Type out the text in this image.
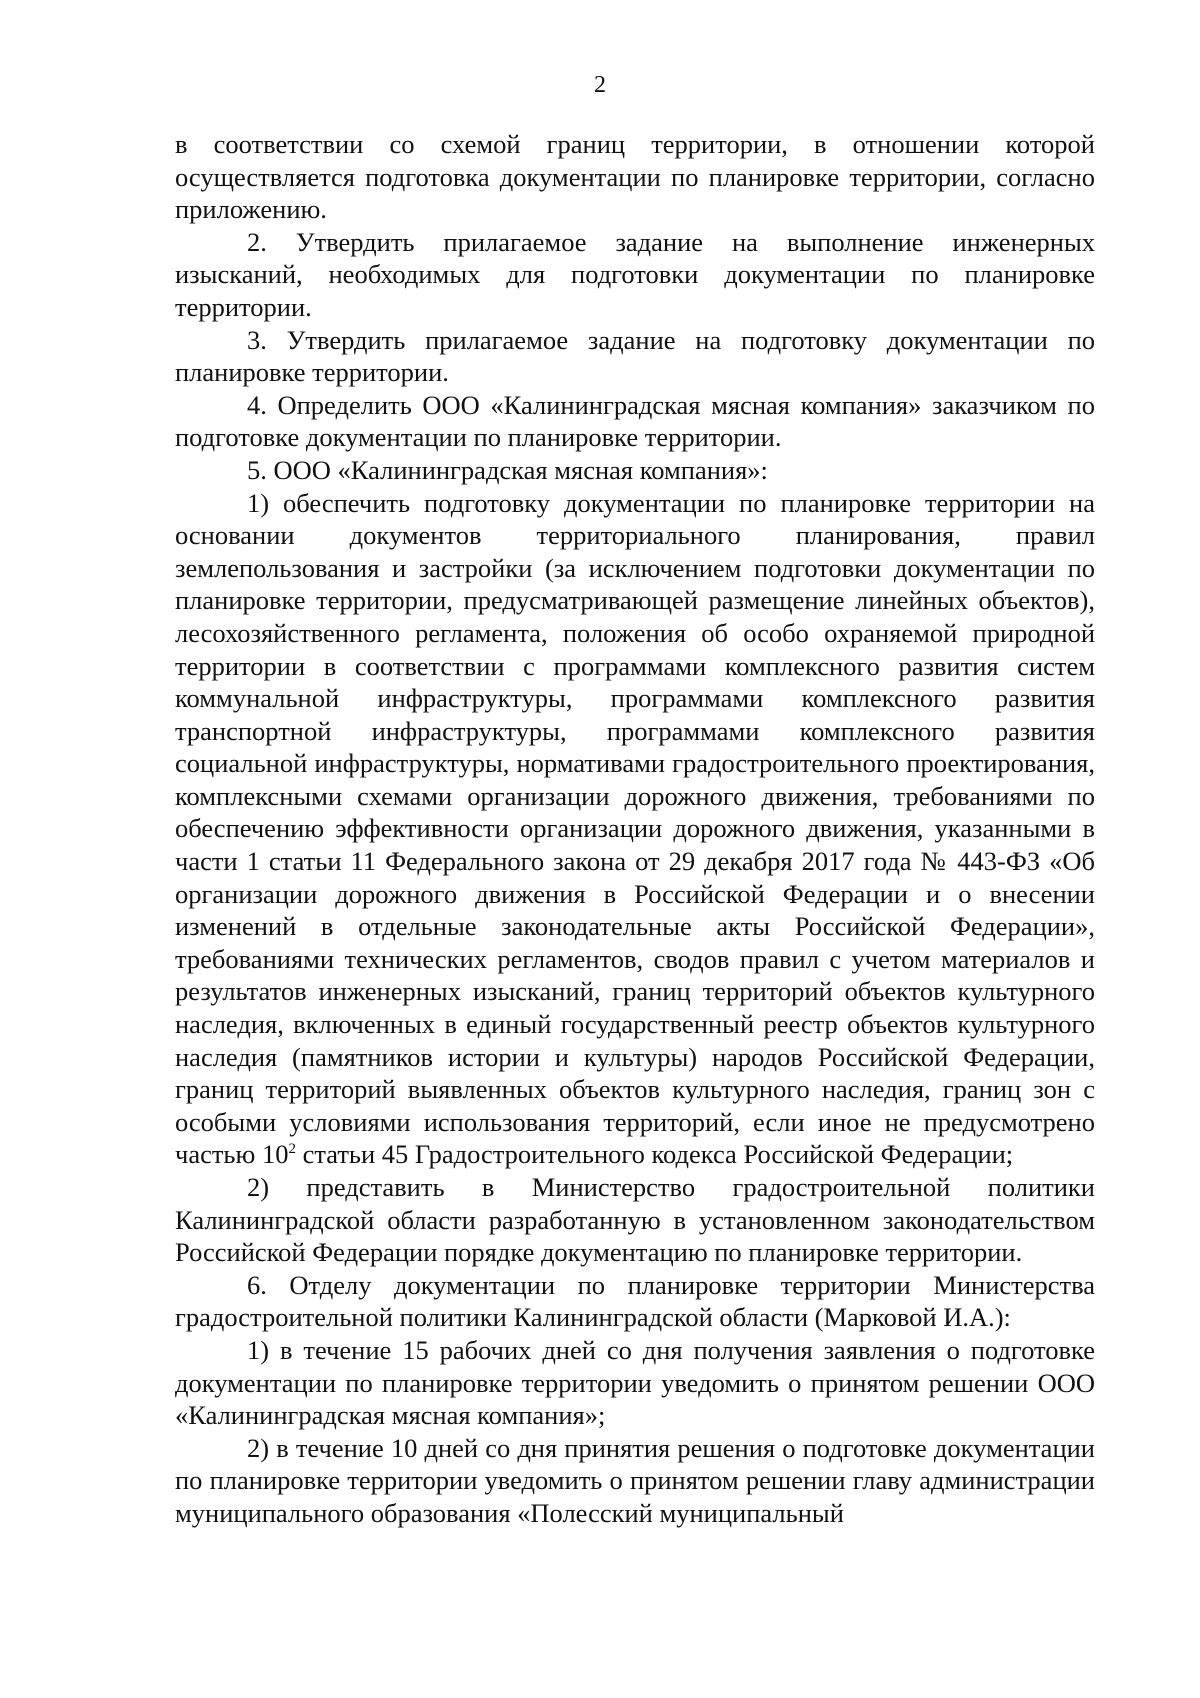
2

в соответствии со схемой границ территории, в отношении которой осуществляется подготовка документации по планировке территории, согласно приложению.

2. Утвердить прилагаемое задание на выполнение инженерных изысканий, необходимых для подготовки документации по планировке территории.

3. Утвердить прилагаемое задание на подготовку документации по планировке территории.

4. Определить ООО «Калининградская мясная компания» заказчиком по подготовке документации по планировке территории.

5. ООО «Калининградская мясная компания»:

1) обеспечить подготовку документации по планировке территории на основании документов территориального планирования, правил землепользования и застройки (за исключением подготовки документации по планировке территории, предусматривающей размещение линейных объектов), лесохозяйственного регламента, положения об особо охраняемой природной территории в соответствии с программами комплексного развития систем коммунальной инфраструктуры, программами комплексного развития транспортной инфраструктуры, программами комплексного развития социальной инфраструктуры, нормативами градостроительного проектирования, комплексными схемами организации дорожного движения, требованиями по обеспечению эффективности организации дорожного движения, указанными в части 1 статьи 11 Федерального закона от 29 декабря 2017 года № 443-ФЗ «Об организации дорожного движения в Российской Федерации и о внесении изменений в отдельные законодательные акты Российской Федерации», требованиями технических регламентов, сводов правил с учетом материалов и результатов инженерных изысканий, границ территорий объектов культурного наследия, включенных в единый государственный реестр объектов культурного наследия (памятников истории и культуры) народов Российской Федерации, границ территорий выявленных объектов культурного наследия, границ зон с особыми условиями использования территорий, если иное не предусмотрено частью $10^2$ статьи 45 Градостроительного кодекса Российской Федерации;

2) представить в Министерство градостроительной политики Калининградской области разработанную в установленном законодательством Российской Федерации порядке документацию по планировке территории.

6. Отделу документации по планировке территории Министерства градостроительной политики Калининградской области (Марковой И.А.):

1) в течение 15 рабочих дней со дня получения заявления о подготовке документации по планировке территории уведомить о принятом решении ООО «Калининградская мясная компания»;

2) в течение 10 дней со дня принятия решения о подготовке документации по планировке территории уведомить о принятом решении главу администрации муниципального образования «Полесский муниципальный
